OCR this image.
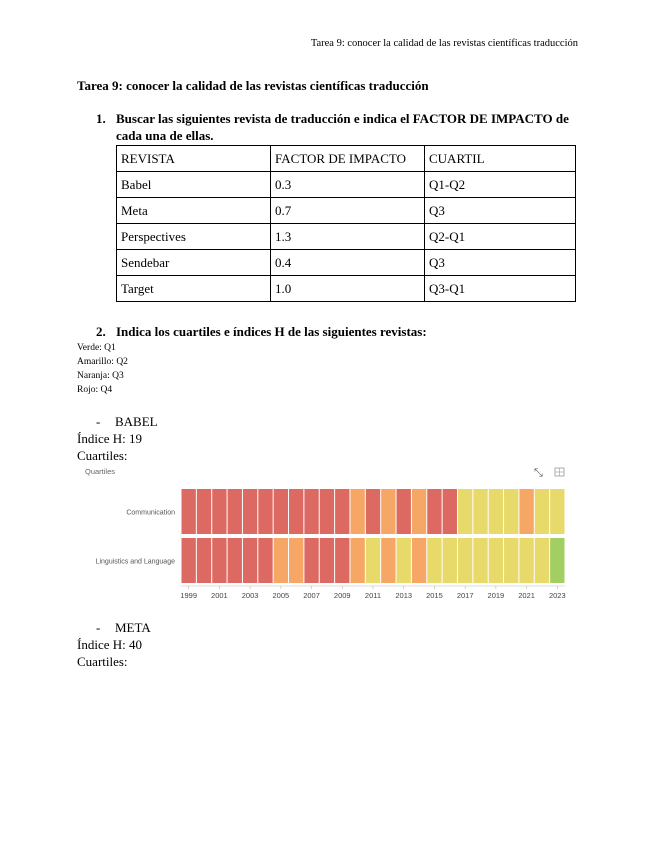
Tarea 9: conocer la calidad de las revistas científicas traducción
Tarea 9: conocer la calidad de las revistas científicas traducción
1. Buscar las siguientes revista de traducción e indica el FACTOR DE IMPACTO de cada una de ellas.
REVISTA	FACTOR DE IMPACTO	CUARTIL
Babel	0.3	Q1-Q2
Meta	0.7	Q3
Perspectives	1.3	Q2-Q1
Sendebar	0.4	Q3
Target	1.0	Q3-Q1
2. Indica los cuartiles e índices H de las siguientes revistas:
Verde: Q1
Amarillo: Q2
Naranja: Q3
Rojo: Q4
- BABEL
Índice H: 19
Cuartiles:
Quartiles	⤡
Communication
Linguistics and Language
1999 2001 2003 2005 2007 2009 2011 2013 2015 2017 2019 2021 2023
- META
Índice H: 40
Cuartiles:
